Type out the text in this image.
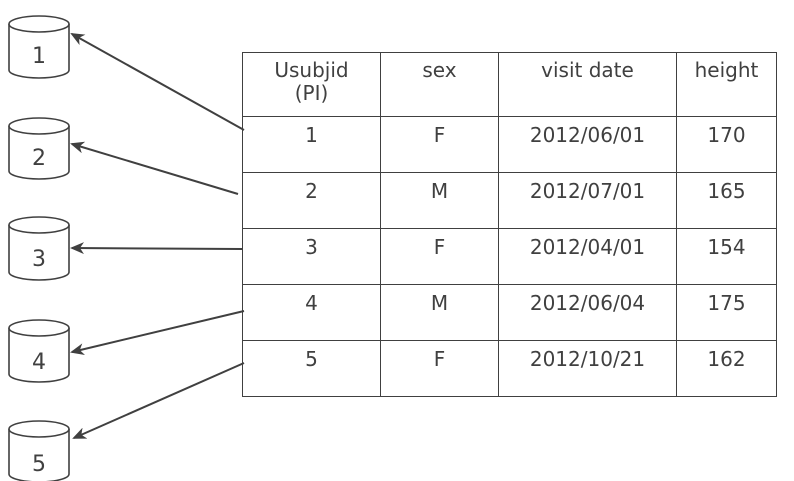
1
2
3
4
5
Usubjid
(PI)	sex	visit date	height
1	F	2012/06/01	170
2	M	2012/07/01	165
3	F	2012/04/01	154
4	M	2012/06/04	175
5	F	2012/10/21	162
